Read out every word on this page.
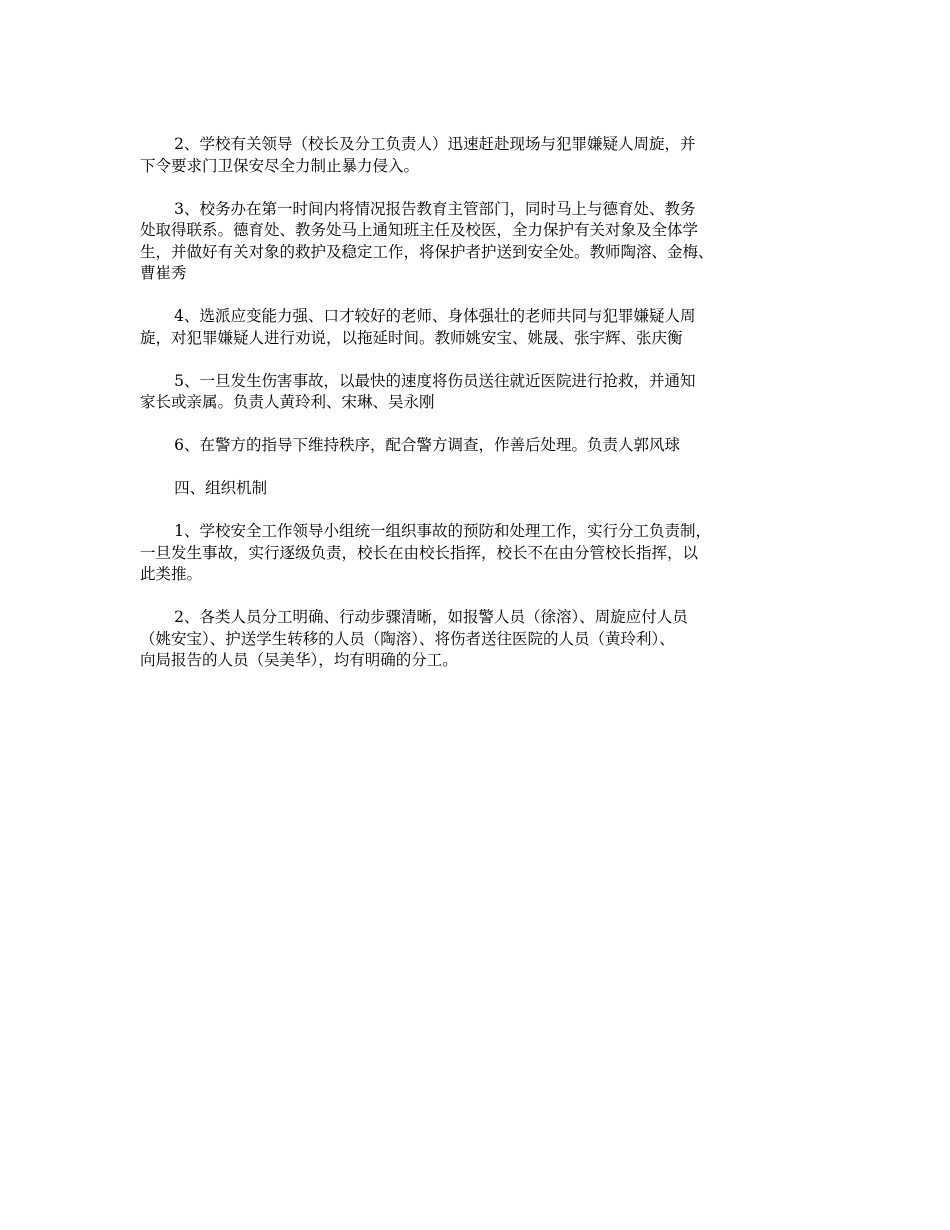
2、学校有关领导（校长及分工负责人）迅速赶赴现场与犯罪嫌疑人周旋，并
下令要求门卫保安尽全力制止暴力侵入。

3、校务办在第一时间内将情况报告教育主管部门，同时马上与德育处、教务
处取得联系。德育处、教务处马上通知班主任及校医，全力保护有关对象及全体学
生，并做好有关对象的救护及稳定工作，将保护者护送到安全处。教师陶溶、金梅、
曹崔秀

4、选派应变能力强、口才较好的老师、身体强壮的老师共同与犯罪嫌疑人周
旋，对犯罪嫌疑人进行劝说，以拖延时间。教师姚安宝、姚晟、张宇辉、张庆衡

5、一旦发生伤害事故，以最快的速度将伤员送往就近医院进行抢救，并通知
家长或亲属。负责人黄玲利、宋琳、吴永刚

6、在警方的指导下维持秩序，配合警方调查，作善后处理。负责人郭风球

四、组织机制

1、学校安全工作领导小组统一组织事故的预防和处理工作，实行分工负责制，
一旦发生事故，实行逐级负责，校长在由校长指挥，校长不在由分管校长指挥，以
此类推。

2、各类人员分工明确、行动步骤清晰，如报警人员（徐溶）、周旋应付人员
（姚安宝）、护送学生转移的人员（陶溶）、将伤者送往医院的人员（黄玲利）、
向局报告的人员（吴美华），均有明确的分工。
